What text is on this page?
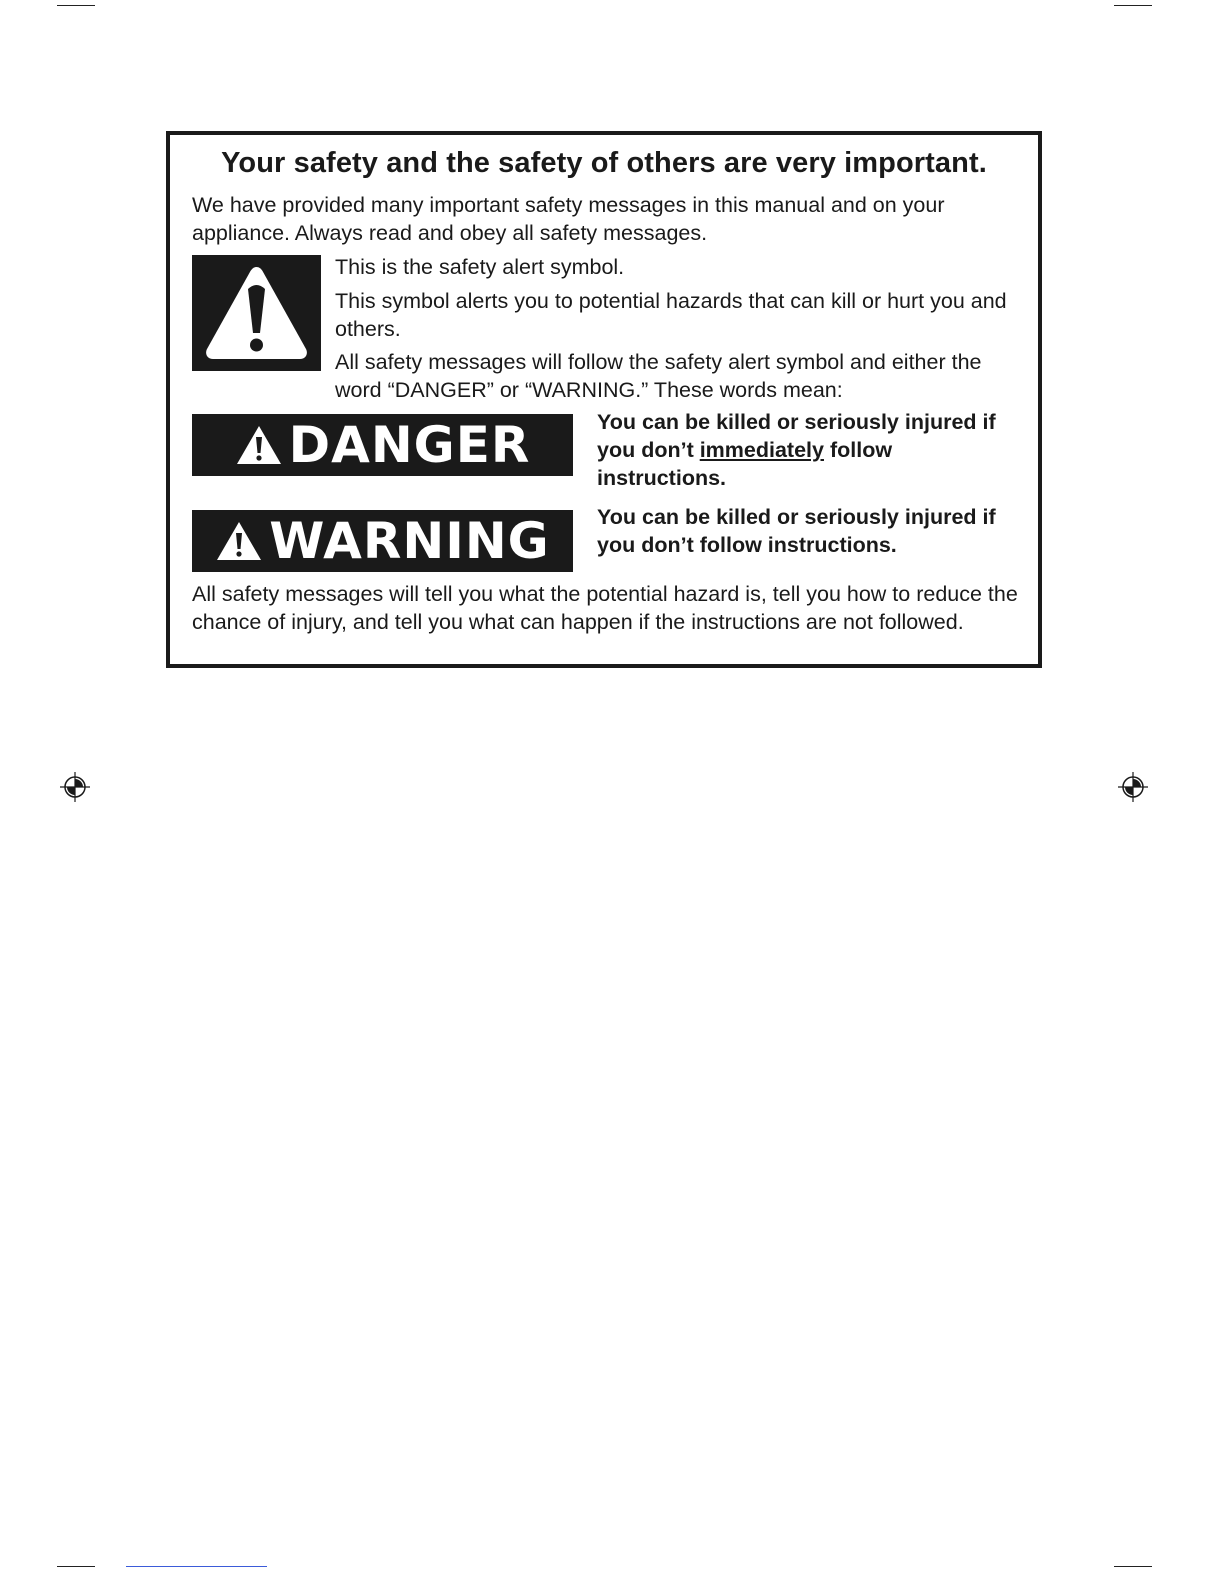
Your safety and the safety of others are very important.
We have provided many important safety messages in this manual and on your appliance. Always read and obey all safety messages.
This is the safety alert symbol.
This symbol alerts you to potential hazards that can kill or hurt you and others.
All safety messages will follow the safety alert symbol and either the word “DANGER” or “WARNING.” These words mean:
DANGER	You can be killed or seriously injured if you don’t immediately follow instructions.
WARNING You can be killed or seriously injured if you don’t follow instructions.
All safety messages will tell you what the potential hazard is, tell you how to reduce the chance of injury, and tell you what can happen if the instructions are not followed.
